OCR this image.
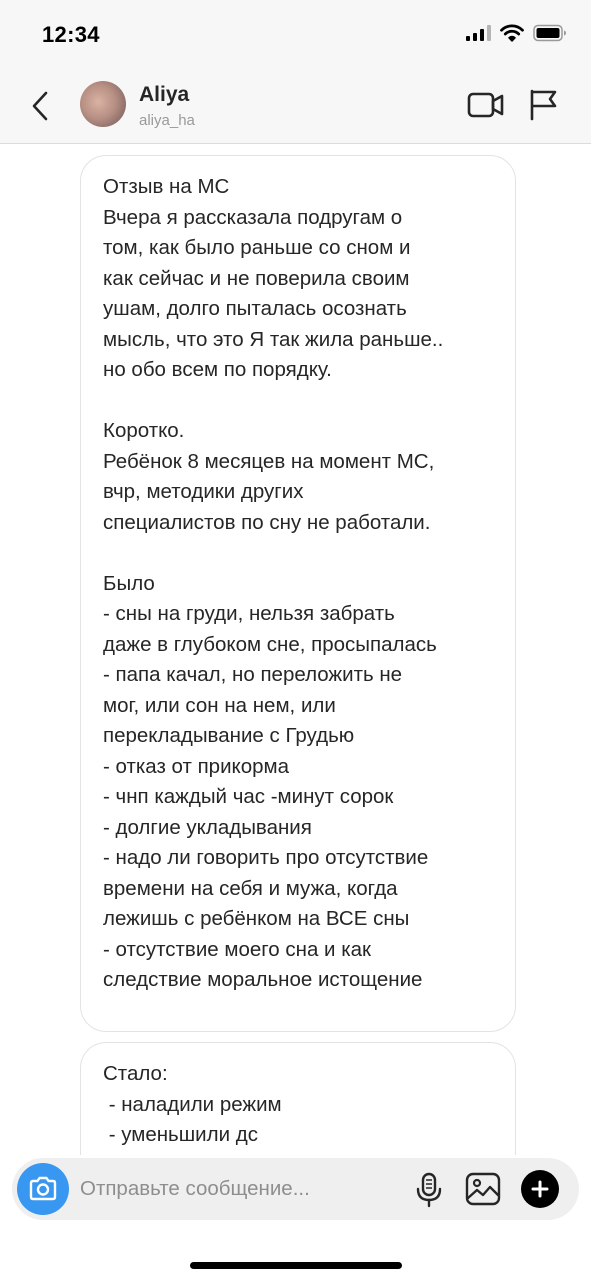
12:34
Aliya
aliya_ha
Отзыв на МС
Вчера я рассказала подругам о
том, как было раньше со сном и
как сейчас и не поверила своим
ушам, долго пыталась осознать
мысль, что это Я так жила раньше..
но обо всем по порядку.
Коротко.
Ребёнок 8 месяцев на момент МС,
вчр, методики других
специалистов по сну не работали.
Было
- сны на груди, нельзя забрать
даже в глубоком сне, просыпалась
- папа качал, но переложить не
мог, или сон на нем, или
перекладывание с Грудью
- отказ от прикорма
- чнп каждый час -минут сорок
- долгие укладывания
- надо ли говорить про отсутствие
времени на себя и мужа, когда
лежишь с ребёнком на ВСЕ сны
- отсутствие моего сна и как
следствие моральное истощение
Стало:
- наладили режим
- уменьшили дс
Отправьте сообщение...
